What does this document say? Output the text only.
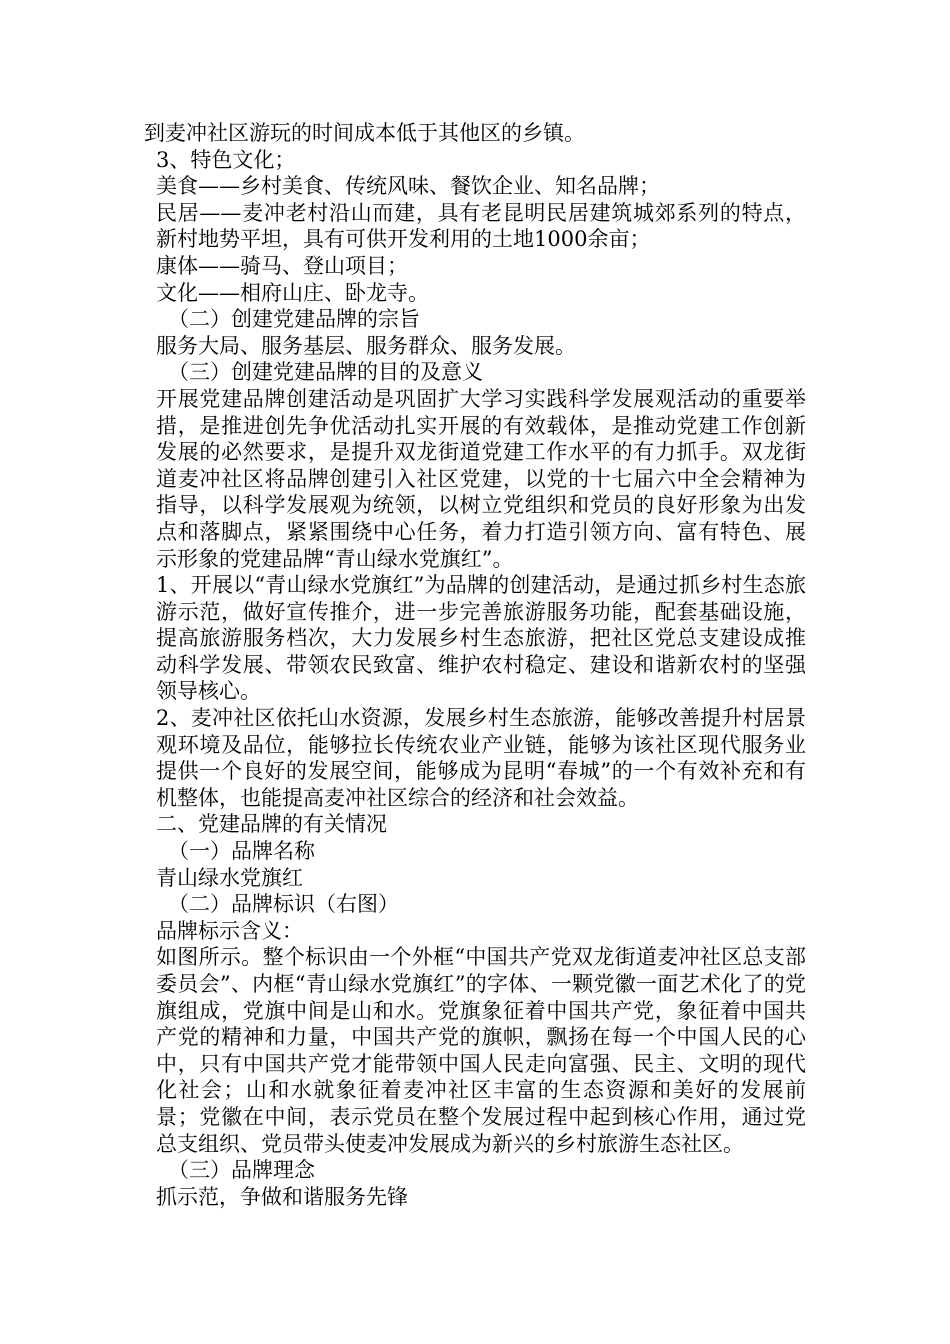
到麦冲社区游玩的时间成本低于其他区的乡镇。

3、特色文化；

美食——乡村美食、传统风味、餐饮企业、知名品牌；

民居——麦冲老村沿山而建，具有老昆明民居建筑城郊系列的特点，新村地势平坦，具有可供开发利用的土地1000余亩；

康体——骑马、登山项目；

文化——相府山庄、卧龙寺。

（二）创建党建品牌的宗旨

服务大局、服务基层、服务群众、服务发展。

（三）创建党建品牌的目的及意义

开展党建品牌创建活动是巩固扩大学习实践科学发展观活动的重要举措，是推进创先争优活动扎实开展的有效载体，是推动党建工作创新发展的必然要求，是提升双龙街道党建工作水平的有力抓手。双龙街道麦冲社区将品牌创建引入社区党建，以党的十七届六中全会精神为指导，以科学发展观为统领，以树立党组织和党员的良好形象为出发点和落脚点，紧紧围绕中心任务，着力打造引领方向、富有特色、展示形象的党建品牌“青山绿水党旗红”。

1、开展以“青山绿水党旗红”为品牌的创建活动，是通过抓乡村生态旅游示范，做好宣传推介，进一步完善旅游服务功能，配套基础设施，提高旅游服务档次，大力发展乡村生态旅游，把社区党总支建设成推动科学发展、带领农民致富、维护农村稳定、建设和谐新农村的坚强领导核心。

2、麦冲社区依托山水资源，发展乡村生态旅游，能够改善提升村居景观环境及品位，能够拉长传统农业产业链，能够为该社区现代服务业提供一个良好的发展空间，能够成为昆明“春城”的一个有效补充和有机整体，也能提高麦冲社区综合的经济和社会效益。

二、党建品牌的有关情况

（一）品牌名称

青山绿水党旗红

（二）品牌标识（右图）

品牌标示含义：

如图所示。整个标识由一个外框“中国共产党双龙街道麦冲社区总支部委员会”、内框“青山绿水党旗红”的字体、一颗党徽一面艺术化了的党旗组成，党旗中间是山和水。党旗象征着中国共产党，象征着中国共产党的精神和力量，中国共产党的旗帜，飘扬在每一个中国人民的心中，只有中国共产党才能带领中国人民走向富强、民主、文明的现代化社会；山和水就象征着麦冲社区丰富的生态资源和美好的发展前景；党徽在中间，表示党员在整个发展过程中起到核心作用，通过党总支组织、党员带头使麦冲发展成为新兴的乡村旅游生态社区。

（三）品牌理念

抓示范，争做和谐服务先锋
